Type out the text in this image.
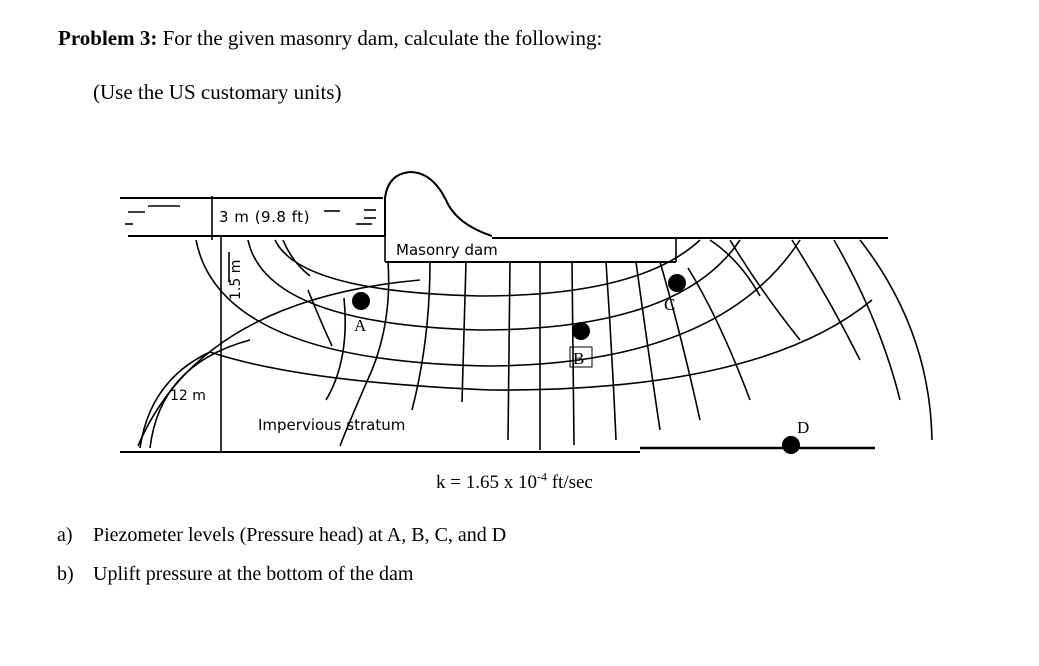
Problem 3: For the given masonry dam, calculate the following:
(Use the US customary units)
3 m (9.8 ft)
1.5 m
12 m
Masonry dam
Impervious stratum
A
B
C
D
k = 1.65 x $10^{-4}$ ft/sec
a) Piezometer levels (Pressure head) at A, B, C, and D
b) Uplift pressure at the bottom of the dam
